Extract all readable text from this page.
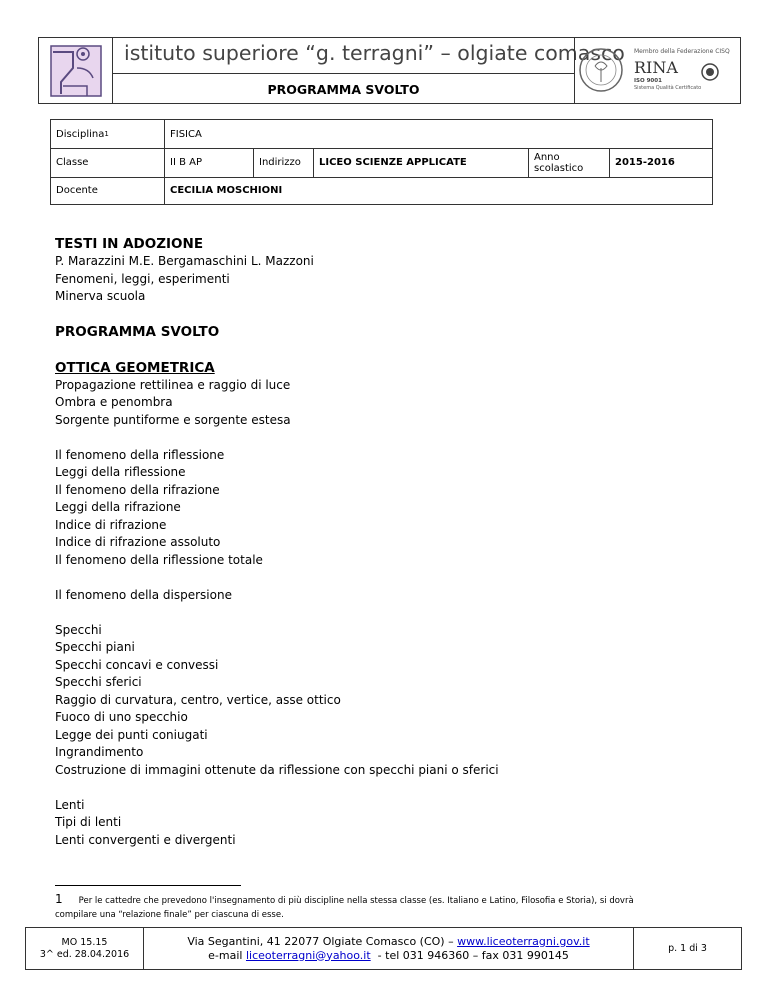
istituto superiore “g. terragni” – olgiate comasco
PROGRAMMA SVOLTO
Membro della Federazione CISQ
RINA
ISO 9001
Sistema Qualità Certificato
Disciplina 1	FISICA
Classe	II B AP	Indirizzo	LICEO SCIENZE APPLICATE	Anno
scolastico	2015-2016
Docente	CECILIA MOSCHIONI
TESTI IN ADOZIONE
P. Marazzini M.E. Bergamaschini L. Mazzoni
Fenomeni, leggi, esperimenti
Minerva scuola
PROGRAMMA SVOLTO
OTTICA GEOMETRICA
Propagazione rettilinea e raggio di luce
Ombra e penombra
Sorgente puntiforme e sorgente estesa
Il fenomeno della riflessione
Leggi della riflessione
Il fenomeno della rifrazione
Leggi della rifrazione
Indice di rifrazione
Indice di rifrazione assoluto
Il fenomeno della riflessione totale
Il fenomeno della dispersione
Specchi
Specchi piani
Specchi concavi e convessi
Specchi sferici
Raggio di curvatura, centro, vertice, asse ottico
Fuoco di uno specchio
Legge dei punti coniugati
Ingrandimento
Costruzione di immagini ottenute da riflessione con specchi piani o sferici
Lenti
Tipi di lenti
Lenti convergenti e divergenti
1 Per le cattedre che prevedono l'insegnamento di più discipline nella stessa classe (es. Italiano e Latino, Filosofia e Storia), si dovrà
compilare una “relazione finale” per ciascuna di esse.
MO 15.15
3^ ed. 28.04.2016
Via Segantini, 41 22077 Olgiate Comasco (CO) – www.liceoterragni.gov.it
e-mail liceoterragni@yahoo.it  - tel 031 946360 – fax 031 990145	p. 1 di 3
